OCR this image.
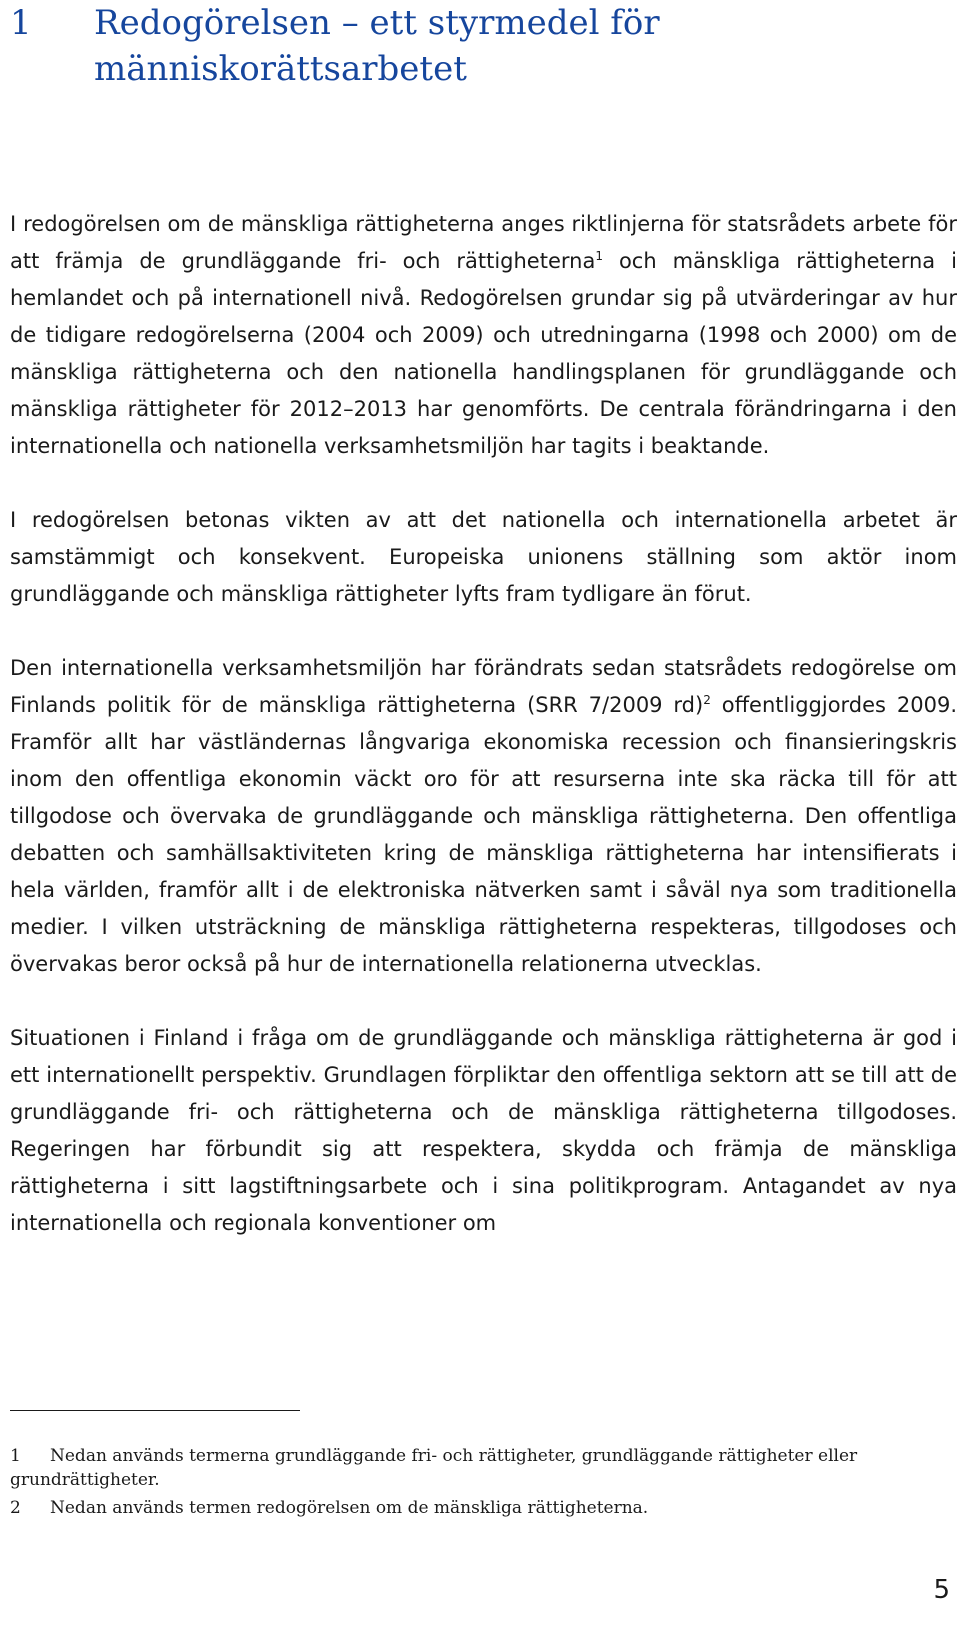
1	Redogörelsen – ett styrmedel för människorättsarbetet

I redogörelsen om de mänskliga rättigheterna anges riktlinjerna för statsrådets arbete för att främja de grundläggande fri- och rättigheterna$^1$ och mänskliga rättigheterna i hemlandet och på internationell nivå. Redogörelsen grundar sig på utvärderingar av hur de tidigare redogörelserna (2004 och 2009) och utredningarna (1998 och 2000) om de mänskliga rättigheterna och den nationella handlingsplanen för grundläggande och mänskliga rättigheter för 2012–2013 har genomförts. De centrala förändringarna i den internationella och nationella verksamhetsmiljön har tagits i beaktande.

I redogörelsen betonas vikten av att det nationella och internationella arbetet är samstämmigt och konsekvent. Europeiska unionens ställning som aktör inom grundläggande och mänskliga rättigheter lyfts fram tydligare än förut.

Den internationella verksamhetsmiljön har förändrats sedan statsrådets redogörelse om Finlands politik för de mänskliga rättigheterna (SRR 7/2009 rd)$^2$ offentliggjordes 2009. Framför allt har västländernas långvariga ekonomiska recession och finansieringskris inom den offentliga ekonomin väckt oro för att resurserna inte ska räcka till för att tillgodose och övervaka de grundläggande och mänskliga rättigheterna. Den offentliga debatten och samhällsaktiviteten kring de mänskliga rättigheterna har intensifierats i hela världen, framför allt i de elektroniska nätverken samt i såväl nya som traditionella medier. I vilken utsträckning de mänskliga rättigheterna respekteras, tillgodoses och övervakas beror också på hur de internationella relationerna utvecklas.

Situationen i Finland i fråga om de grundläggande och mänskliga rättigheterna är god i ett internationellt perspektiv. Grundlagen förpliktar den offentliga sektorn att se till att de grundläggande fri- och rättigheterna och de mänskliga rättigheterna tillgodoses. Regeringen har förbundit sig att respektera, skydda och främja de mänskliga rättigheterna i sitt lagstiftningsarbete och i sina politikprogram. Antagandet av nya internationella och regionala konventioner om

1 Nedan används termerna grundläggande fri- och rättigheter, grundläggande rättigheter eller grundrättigheter.
2 Nedan används termen redogörelsen om de mänskliga rättigheterna.
5
